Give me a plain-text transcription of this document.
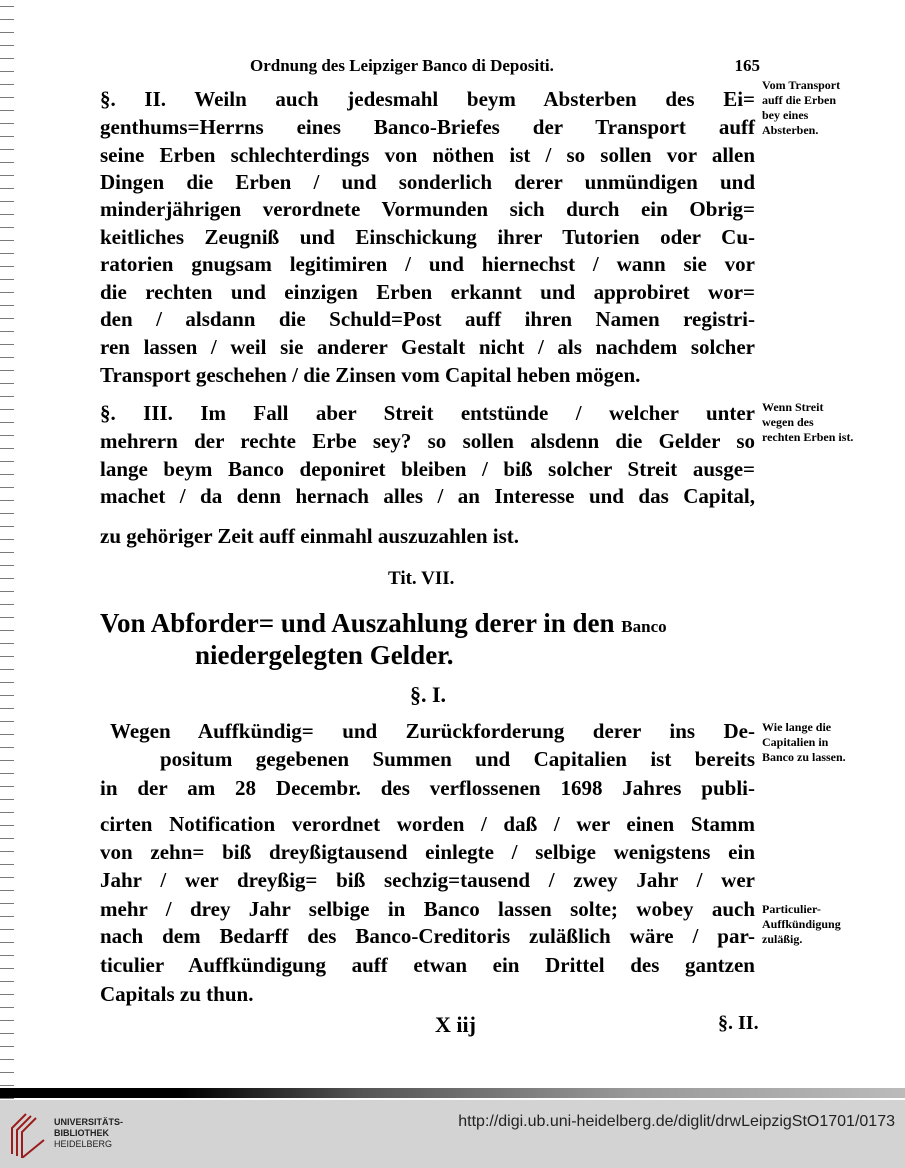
Ordnung des Leipziger Banco di Depositi.	165
§. II. Weiln auch jedesmahl beym Absterben des Ei=
genthums=Herrns eines Banco-Briefes der Transport auff
seine Erben schlechterdings von nöthen ist / so sollen vor allen
Dingen die Erben / und sonderlich derer unmündigen und
minderjährigen verordnete Vormunden sich durch ein Obrig=
keitliches Zeugniß und Einschickung ihrer Tutorien oder Cu-
ratorien gnugsam legitimiren / und hiernechst / wann sie vor
die rechten und einzigen Erben erkannt und approbiret wor=
den / alsdann die Schuld=Post auff ihren Namen registri-
ren lassen / weil sie anderer Gestalt nicht / als nachdem solcher
Transport geschehen / die Zinsen vom Capital heben mögen.
§. III. Im Fall aber Streit entstünde / welcher unter
mehrern der rechte Erbe sey? so sollen alsdenn die Gelder so
lange beym Banco deponiret bleiben / biß solcher Streit ausge=
machet / da denn hernach alles / an Interesse und das Capital,
zu gehöriger Zeit auff einmahl auszuzahlen ist.
Tit. VII.
Von Abforder= und Auszahlung derer in den Banco
niedergelegten Gelder.
§. I.
Wegen Auffkündig= und Zurückforderung derer ins De-
positum gegebenen Summen und Capitalien ist bereits
in der am 28 Decembr. des verflossenen 1698 Jahres publi-
cirten Notification verordnet worden / daß / wer einen Stamm
von zehn= biß dreyßigtausend einlegte / selbige wenigstens ein
Jahr / wer dreyßig= biß sechzig=tausend / zwey Jahr / wer
mehr / drey Jahr selbige in Banco lassen solte; wobey auch
nach dem Bedarff des Banco-Creditoris zuläßlich wäre / par-
ticulier Auffkündigung auff etwan ein Drittel des gantzen
Capitals zu thun.
X iij	§. II.
Vom Transport auff die Erben bey eines Absterben.
Wenn Streit wegen des rechten Erben ist.
Wie lange die Capitalien in Banco zu lassen.
Particulier-Auffkündigung zuläßig.
UNIVERSITÄTS-
BIBLIOTHEK
HEIDELBERG
http://digi.ub.uni-heidelberg.de/diglit/drwLeipzigStO1701/0173
